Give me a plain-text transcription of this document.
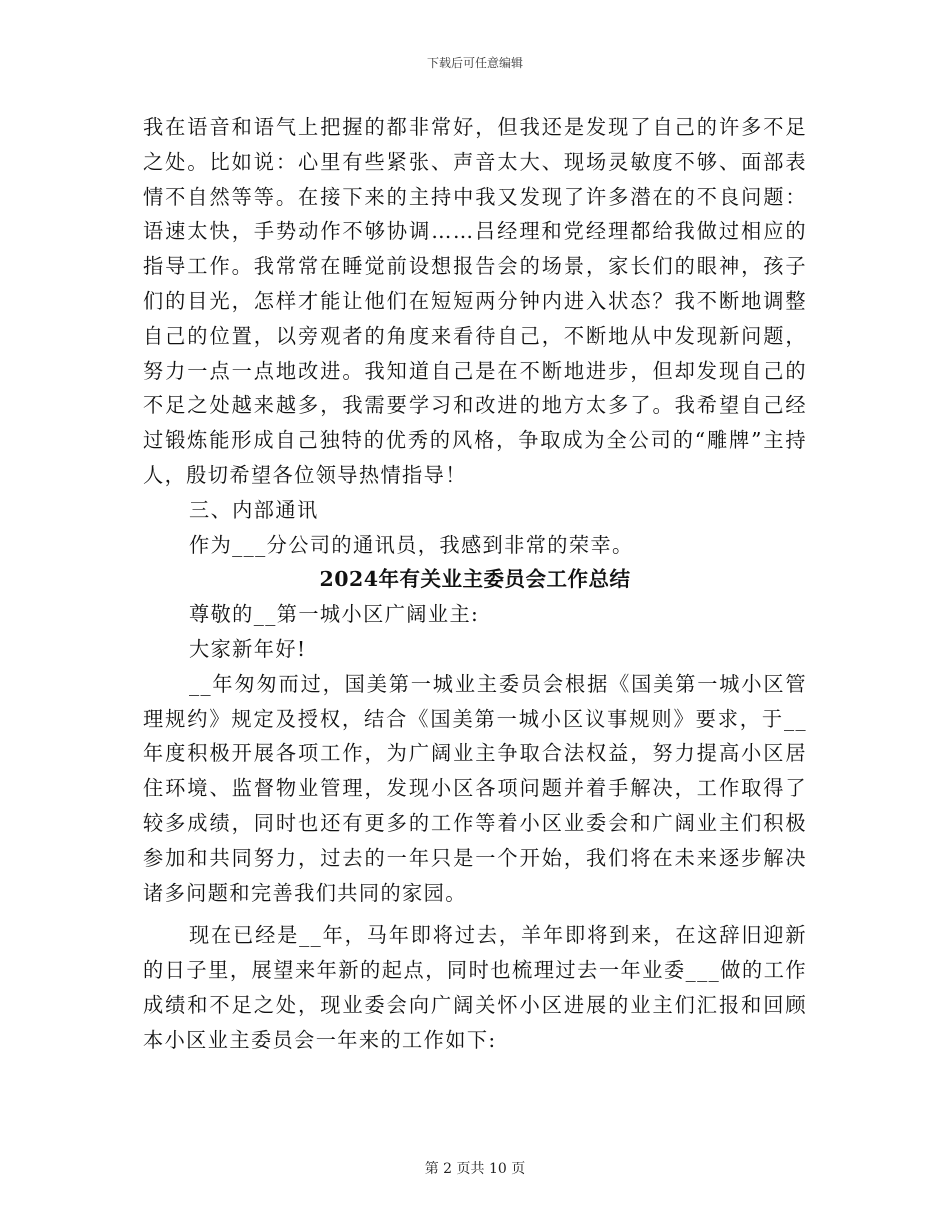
下载后可任意编辑

我在语音和语气上把握的都非常好，但我还是发现了自己的许多不足之处。比如说：心里有些紧张、声音太大、现场灵敏度不够、面部表情不自然等等。在接下来的主持中我又发现了许多潜在的不良问题：语速太快，手势动作不够协调……吕经理和党经理都给我做过相应的指导工作。我常常在睡觉前设想报告会的场景，家长们的眼神，孩子们的目光，怎样才能让他们在短短两分钟内进入状态？我不断地调整自己的位置，以旁观者的角度来看待自己，不断地从中发现新问题，努力一点一点地改进。我知道自己是在不断地进步，但却发现自己的不足之处越来越多，我需要学习和改进的地方太多了。我希望自己经过锻炼能形成自己独特的优秀的风格，争取成为全公司的“雕牌”主持人，殷切希望各位领导热情指导！

三、内部通讯

作为___分公司的通讯员，我感到非常的荣幸。

2024年有关业主委员会工作总结

尊敬的__第一城小区广阔业主:

大家新年好!

__年匆匆而过，国美第一城业主委员会根据《国美第一城小区管理规约》规定及授权，结合《国美第一城小区议事规则》要求，于__年度积极开展各项工作，为广阔业主争取合法权益，努力提高小区居住环境、监督物业管理，发现小区各项问题并着手解决，工作取得了较多成绩，同时也还有更多的工作等着小区业委会和广阔业主们积极参加和共同努力，过去的一年只是一个开始，我们将在未来逐步解决诸多问题和完善我们共同的家园。

现在已经是__年，马年即将过去，羊年即将到来，在这辞旧迎新的日子里，展望来年新的起点，同时也梳理过去一年业委___做的工作成绩和不足之处，现业委会向广阔关怀小区进展的业主们汇报和回顾本小区业主委员会一年来的工作如下:

第 2 页共 10 页
